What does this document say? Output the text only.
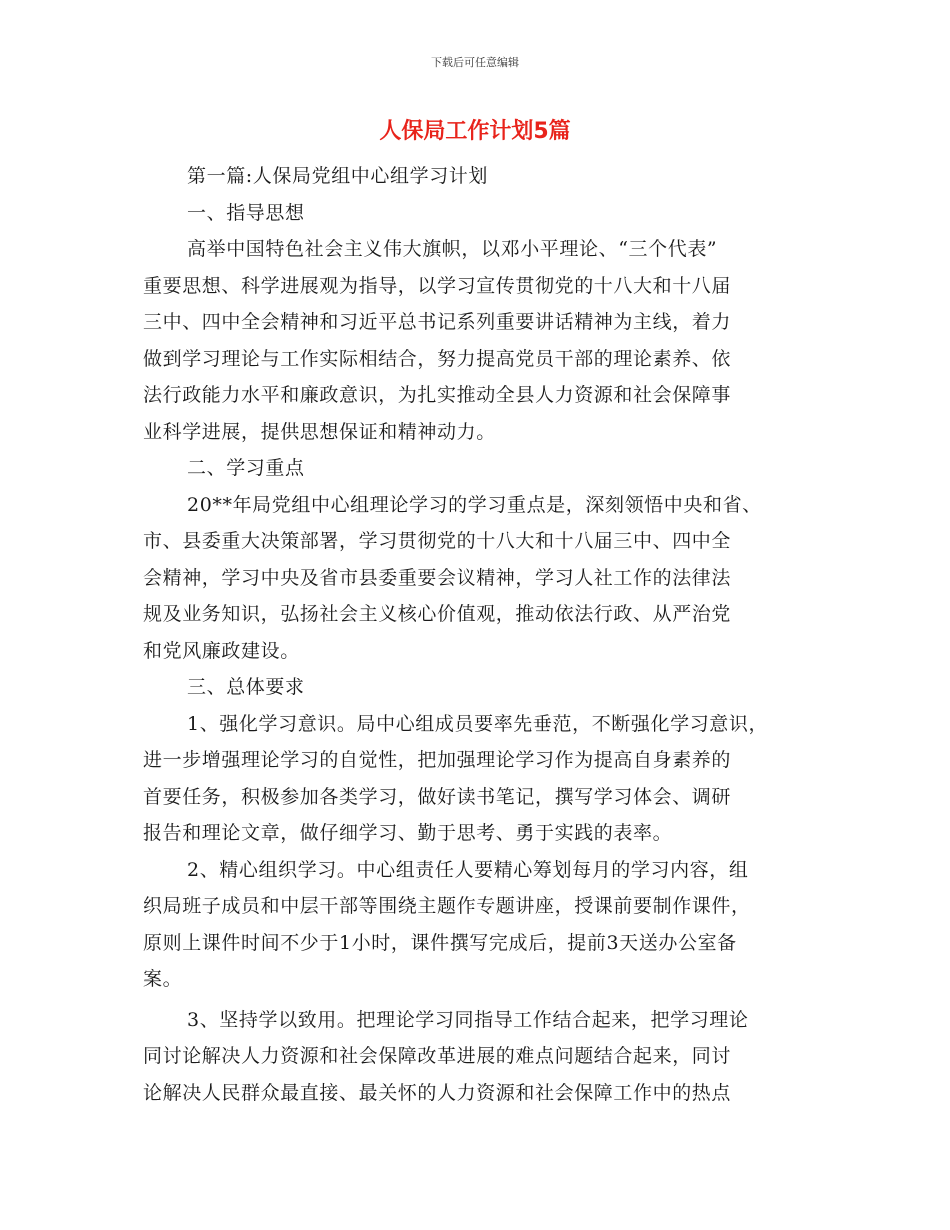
下载后可任意编辑
人保局工作计划5篇
第一篇:人保局党组中心组学习计划
一、指导思想
高举中国特色社会主义伟大旗帜，以邓小平理论、“三个代表”
重要思想、科学进展观为指导，以学习宣传贯彻党的十八大和十八届
三中、四中全会精神和习近平总书记系列重要讲话精神为主线，着力
做到学习理论与工作实际相结合，努力提高党员干部的理论素养、依
法行政能力水平和廉政意识，为扎实推动全县人力资源和社会保障事
业科学进展，提供思想保证和精神动力。
二、学习重点
20**年局党组中心组理论学习的学习重点是，深刻领悟中央和省、
市、县委重大决策部署，学习贯彻党的十八大和十八届三中、四中全
会精神，学习中央及省市县委重要会议精神，学习人社工作的法律法
规及业务知识，弘扬社会主义核心价值观，推动依法行政、从严治党
和党风廉政建设。
三、总体要求
1、强化学习意识。局中心组成员要率先垂范，不断强化学习意识，
进一步增强理论学习的自觉性，把加强理论学习作为提高自身素养的
首要任务，积极参加各类学习，做好读书笔记，撰写学习体会、调研
报告和理论文章，做仔细学习、勤于思考、勇于实践的表率。
2、精心组织学习。中心组责任人要精心筹划每月的学习内容，组
织局班子成员和中层干部等围绕主题作专题讲座，授课前要制作课件，
原则上课件时间不少于1小时，课件撰写完成后，提前3天送办公室备
案。
3、坚持学以致用。把理论学习同指导工作结合起来，把学习理论
同讨论解决人力资源和社会保障改革进展的难点问题结合起来，同讨
论解决人民群众最直接、最关怀的人力资源和社会保障工作中的热点
